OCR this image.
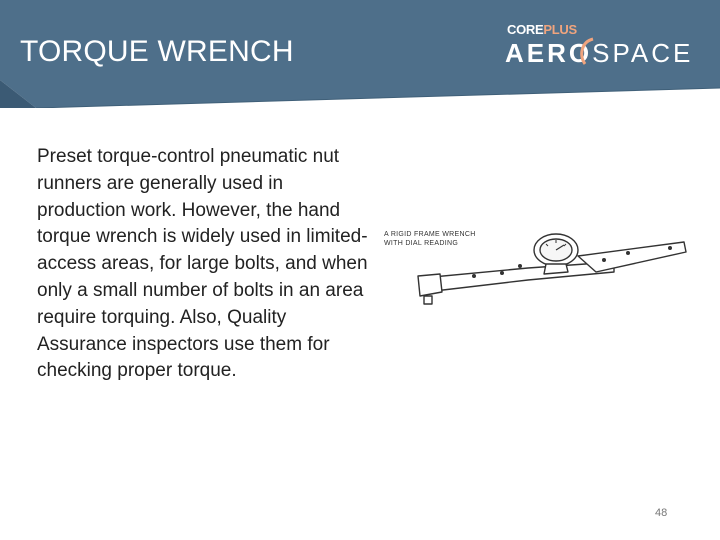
TORQUE WRENCH
COREPLUS
AEROSPACE
Preset torque-control pneumatic nut runners are generally used in production work. However, the hand torque wrench is widely used in limited-access areas, for large bolts, and when only a small number of bolts in an area require torquing. Also, Quality Assurance inspectors use them for checking proper torque.
A RIGID FRAME WRENCH
WITH DIAL READING
48
